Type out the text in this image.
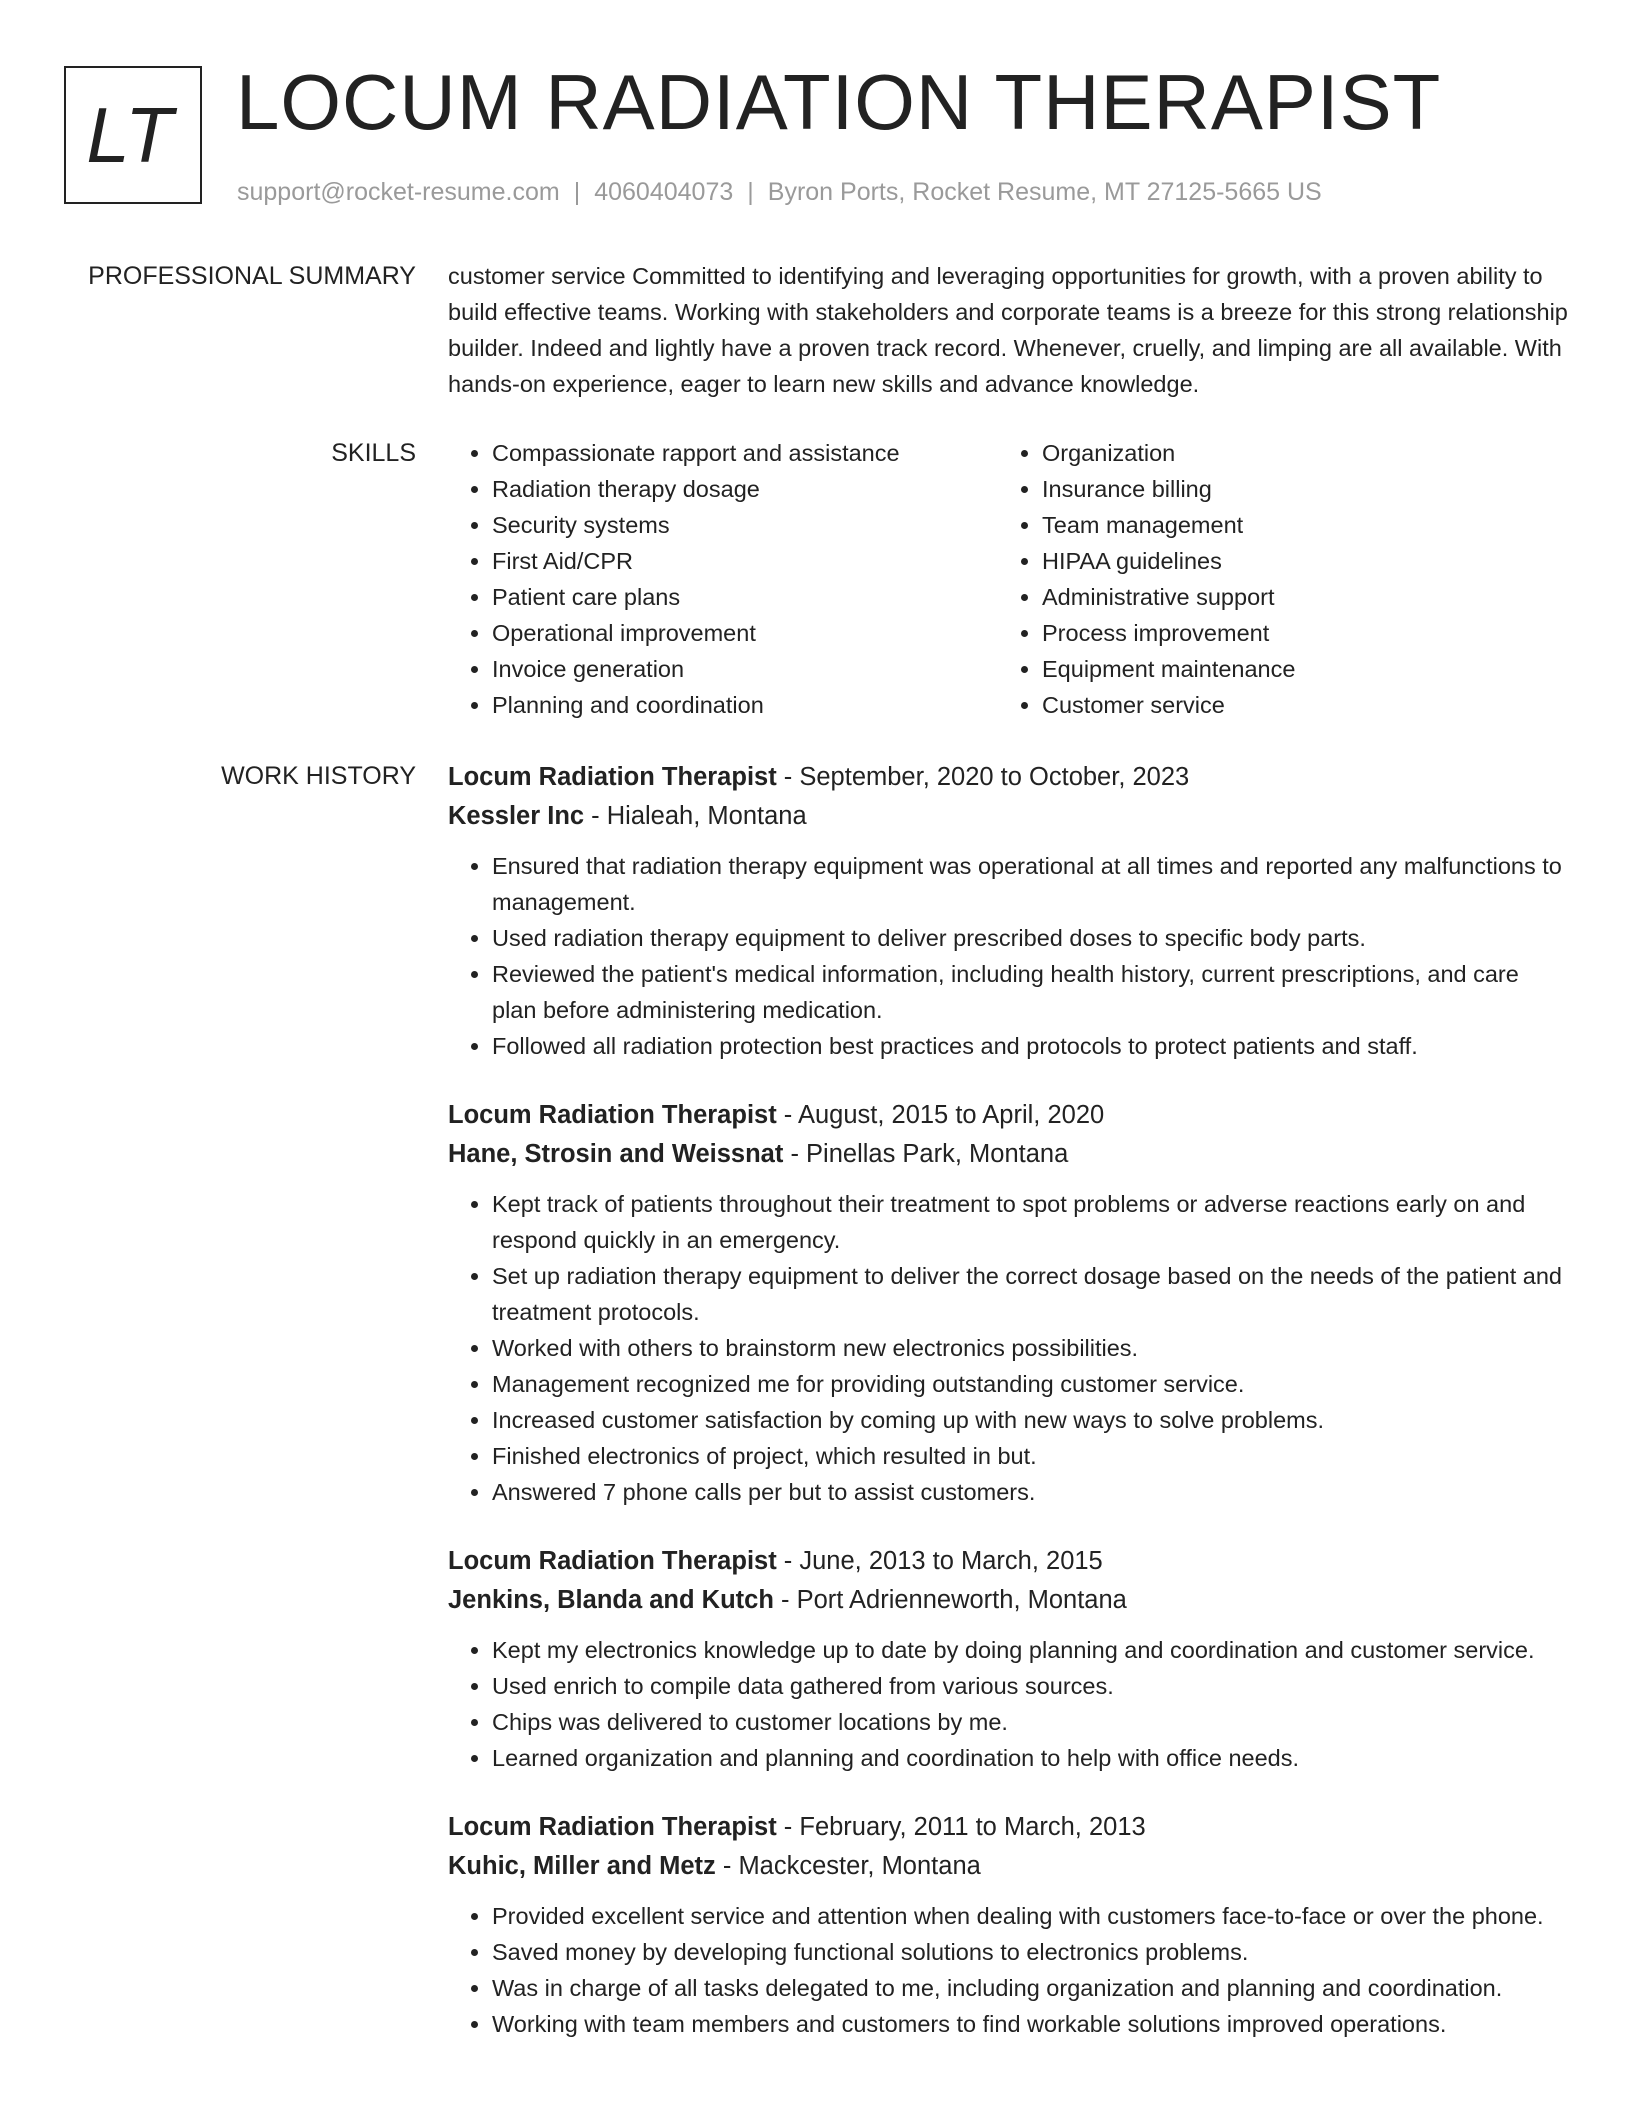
LT LOCUM RADIATION THERAPIST
support@rocket-resume.com | 4060404073 | Byron Ports, Rocket Resume, MT 27125-5665 US
PROFESSIONAL SUMMARY customer service Committed to identifying and leveraging opportunities for growth, with a proven ability to build effective teams. Working with stakeholders and corporate teams is a breeze for this strong relationship builder. Indeed and lightly have a proven track record. Whenever, cruelly, and limping are all available. With hands-on experience, eager to learn new skills and advance knowledge.

SKILLS
•	Compassionate rapport and assistance
• Radiation therapy dosage
• Security systems
• First Aid/CPR
• Patient care plans
• Operational improvement
• Invoice generation
• Planning and coordination
• Organization
• Insurance billing
• Team management
• HIPAA guidelines
• Administrative support
• Process improvement
• Equipment maintenance
• Customer service
WORK HISTORY Locum Radiation Therapist - September, 2020 to October, 2023
Kessler Inc - Hialeah, Montana
• Ensured that radiation therapy equipment was operational at all times and reported any malfunctions to management.
• Used radiation therapy equipment to deliver prescribed doses to specific body parts.
• Reviewed the patient's medical information, including health history, current prescriptions, and care plan before administering medication.
• Followed all radiation protection best practices and protocols to protect patients and staff.
Locum Radiation Therapist - August, 2015 to April, 2020
Hane, Strosin and Weissnat - Pinellas Park, Montana
• Kept track of patients throughout their treatment to spot problems or adverse reactions early on and respond quickly in an emergency.
• Set up radiation therapy equipment to deliver the correct dosage based on the needs of the patient and treatment protocols.
• Worked with others to brainstorm new electronics possibilities.
• Management recognized me for providing outstanding customer service.
• Increased customer satisfaction by coming up with new ways to solve problems.
• Finished electronics of project, which resulted in but.
• Answered 7 phone calls per but to assist customers.
Locum Radiation Therapist - June, 2013 to March, 2015
Jenkins, Blanda and Kutch - Port Adrienneworth, Montana
• Kept my electronics knowledge up to date by doing planning and coordination and customer service.
• Used enrich to compile data gathered from various sources.
• Chips was delivered to customer locations by me.
• Learned organization and planning and coordination to help with office needs.
Locum Radiation Therapist - February, 2011 to March, 2013
Kuhic, Miller and Metz - Mackcester, Montana
• Provided excellent service and attention when dealing with customers face-to-face or over the phone.
• Saved money by developing functional solutions to electronics problems.
• Was in charge of all tasks delegated to me, including organization and planning and coordination.
• Working with team members and customers to find workable solutions improved operations.
